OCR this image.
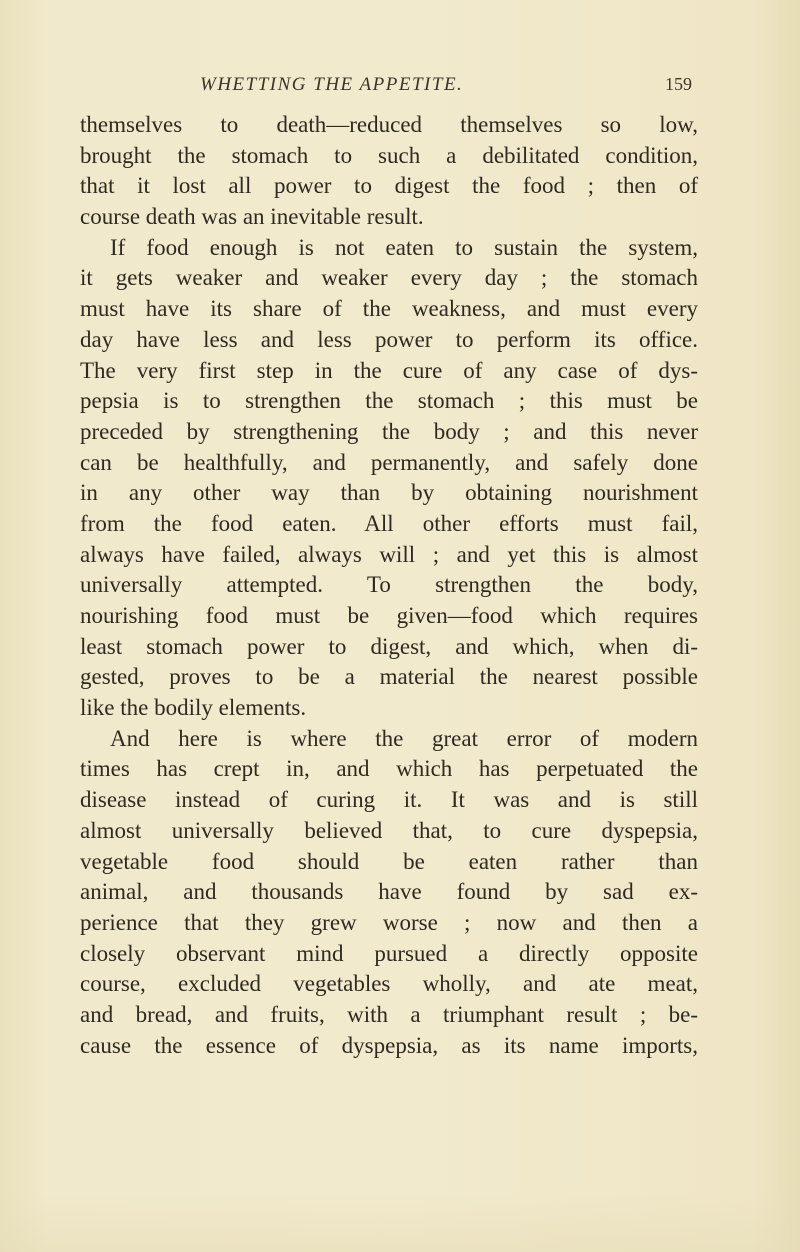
WHETTING THE APPETITE.	159
themselves to death—reduced themselves so low,
brought the stomach to such a debilitated condition,
that it lost all power to digest the food ; then of
course death was an inevitable result.
If food enough is not eaten to sustain the system,
it gets weaker and weaker every day ; the stomach
must have its share of the weakness, and must every
day have less and less power to perform its office.
The very first step in the cure of any case of dys-
pepsia is to strengthen the stomach ; this must be
preceded by strengthening the body ; and this never
can be healthfully, and permanently, and safely done
in any other way than by obtaining nourishment
from the food eaten. All other efforts must fail,
always have failed, always will ; and yet this is almost
universally attempted. To strengthen the body,
nourishing food must be given—food which requires
least stomach power to digest, and which, when di-
gested, proves to be a material the nearest possible
like the bodily elements.
And here is where the great error of modern
times has crept in, and which has perpetuated the
disease instead of curing it. It was and is still
almost universally believed that, to cure dyspepsia,
vegetable food should be eaten rather than
animal, and thousands have found by sad ex-
perience that they grew worse ; now and then a
closely observant mind pursued a directly opposite
course, excluded vegetables wholly, and ate meat,
and bread, and fruits, with a triumphant result ; be-
cause the essence of dyspepsia, as its name imports,
